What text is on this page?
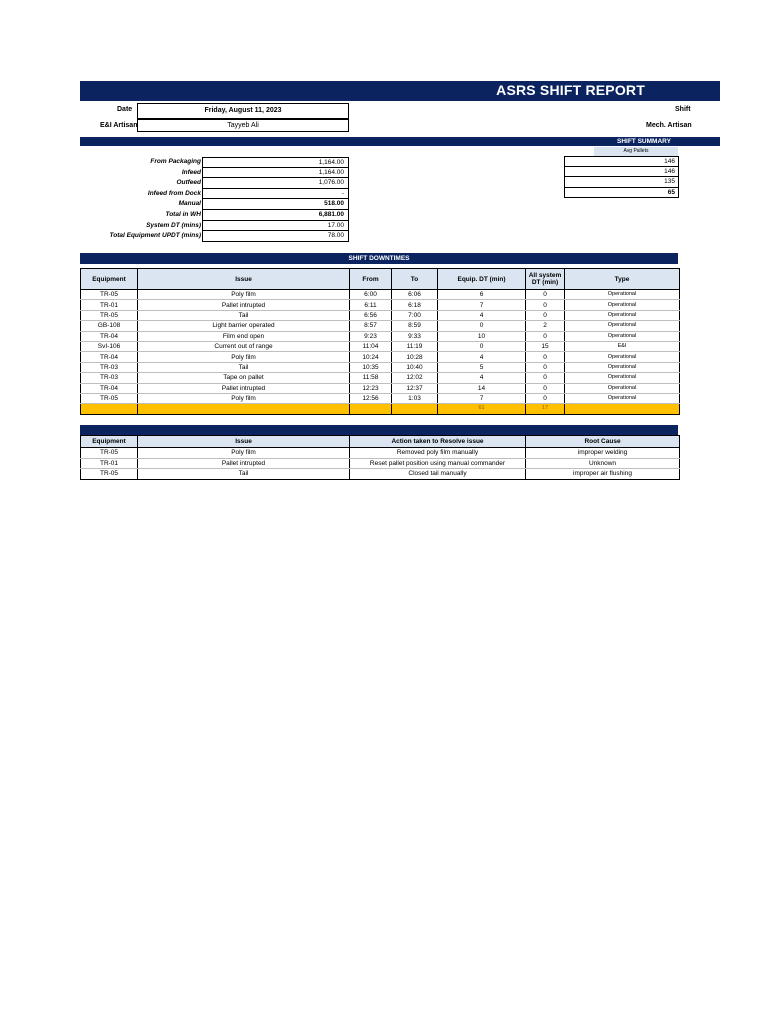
ASRS SHIFT REPORT
Date	Friday, August 11, 2023
E&I Artisan	Tayyeb Ali
Shift
Mech. Artisan
SHIFT SUMMARY
From Packaging	1,164.00
Infeed	1,164.00
Outfeed	1,076.00
Infeed from Dock	-
Manual	518.00
Total in WH	6,881.00
System DT (mins)	17.00
Total Equipment UPDT (mins)	78.00
Avg Pallets
146
146
135
65
SHIFT DOWNTIMES
Equipment	Issue	From	To	Equip. DT (min)	All system DT (min)	Type
TR-05	Poly film	6:00	6:06	6	0	Operational
TR-01	Pallet intrupted	6:11	6:18	7	0	Operational
TR-05	Tail	6:56	7:00	4	0	Operational
GB-108	Light barrier operated	8:57	8:59	0	2	Operational
TR-04	Film end open	9:23	9:33	10	0	Operational
SvI-106	Current out of range	11:04	11:19	0	15	E&I
TR-04	Poly film	10:24	10:28	4	0	Operational
TR-03	Tail	10:35	10:40	5	0	Operational
TR-03	Tape on pallet	11:58	12:02	4	0	Operational
TR-04	Pallet intrupted	12:23	12:37	14	0	Operational
TR-05	Poly film	12:56	1:03	7	0	Operational
				61	17	
Equipment	Issue	Action taken to Resolve issue	Root Cause
TR-05	Poly film	Removed poly film manually	improper welding
TR-01	Pallet intrupted	Reset pallet position using manual commander	Unknown
TR-05	Tail	Closed tail manually	improper air flushing
